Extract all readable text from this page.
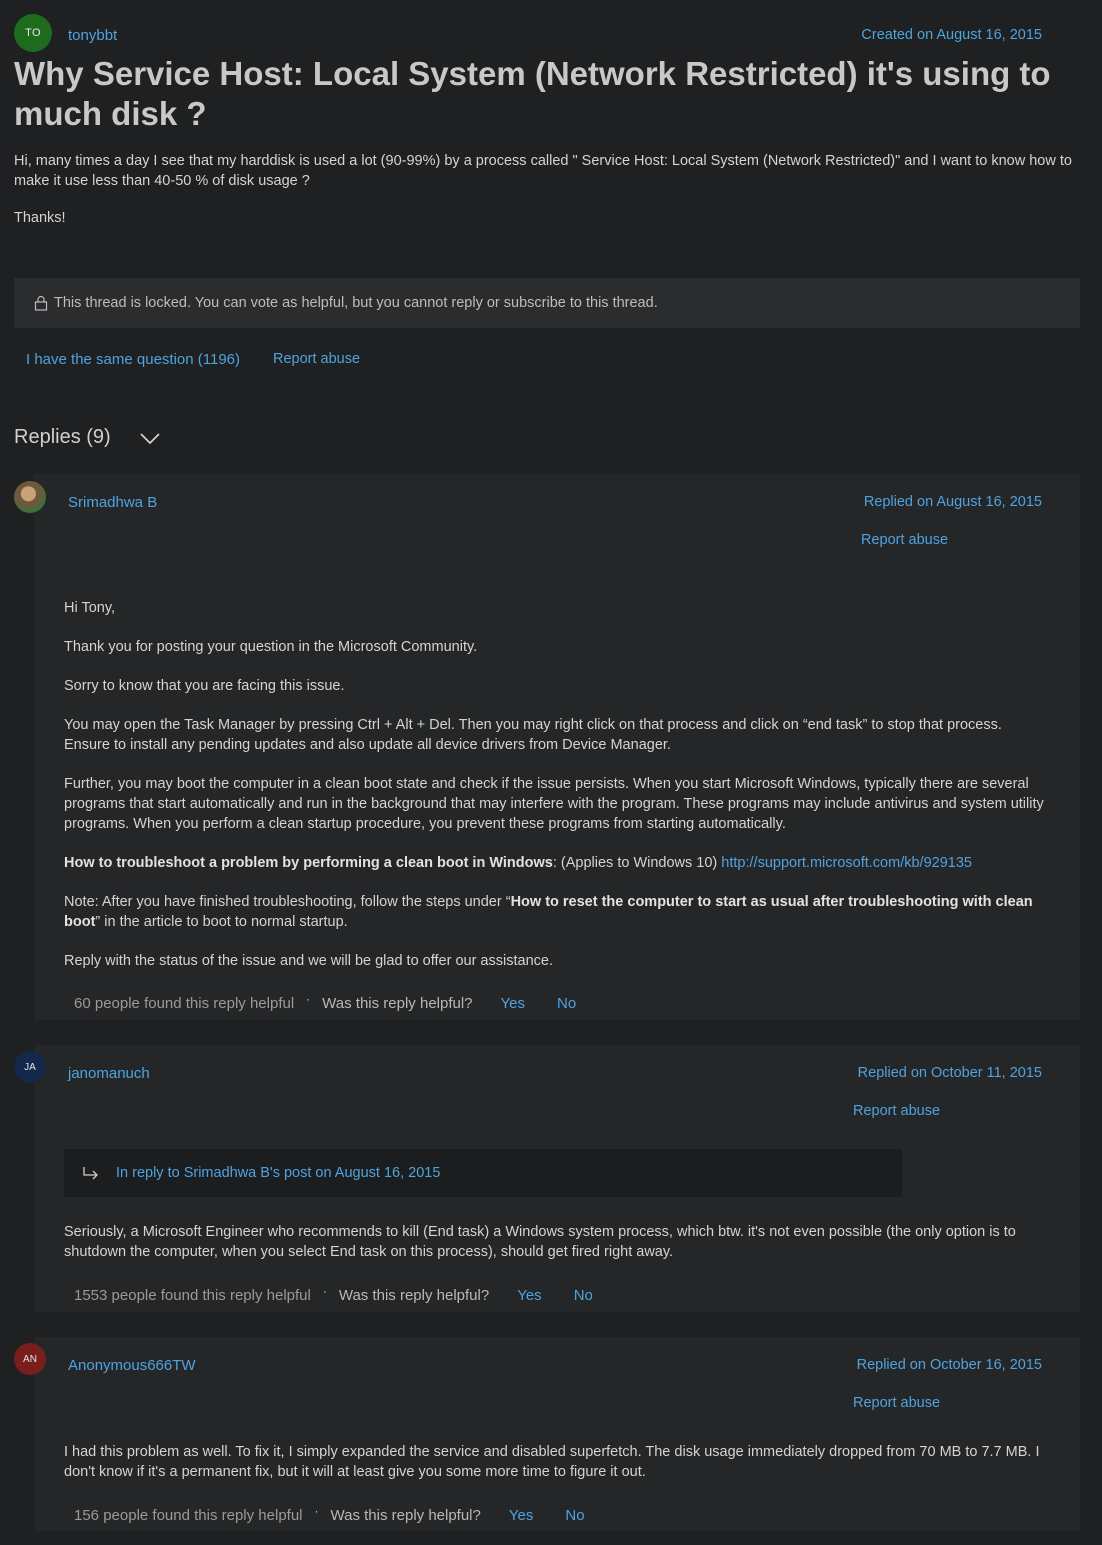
TO	tonybbt	Created on August 16, 2015
Why Service Host: Local System (Network Restricted) it's using to much disk ?
Hi, many times a day I see that my harddisk is used a lot (90-99%) by a process called " Service Host: Local System (Network Restricted)" and I want to know how to make it use less than 40-50 % of disk usage ?
Thanks!
This thread is locked. You can vote as helpful, but you cannot reply or subscribe to this thread.
I have the same question (1196) Report abuse
Replies (9)
Srimadhwa B	Replied on August 16, 2015
Report abuse

Hi Tony,

Thank you for posting your question in the Microsoft Community.

Sorry to know that you are facing this issue.

You may open the Task Manager by pressing Ctrl + Alt + Del. Then you may right click on that process and click on “end task” to stop that process. Ensure to install any pending updates and also update all device drivers from Device Manager.

Further, you may boot the computer in a clean boot state and check if the issue persists. When you start Microsoft Windows, typically there are several programs that start automatically and run in the background that may interfere with the program. These programs may include antivirus and system utility programs. When you perform a clean startup procedure, you prevent these programs from starting automatically.

How to troubleshoot a problem by performing a clean boot in Windows: (Applies to Windows 10) http://support.microsoft.com/kb/929135

Note: After you have finished troubleshooting, follow the steps under “How to reset the computer to start as usual after troubleshooting with clean boot” in the article to boot to normal startup.

Reply with the status of the issue and we will be glad to offer our assistance.

60 people found this reply helpful · Was this reply helpful? Yes No
JA	janomanuch	Replied on October 11, 2015
Report abuse
In reply to Srimadhwa B's post on August 16, 2015
Seriously, a Microsoft Engineer who recommends to kill (End task) a Windows system process, which btw. it's not even possible (the only option is to shutdown the computer, when you select End task on this process), should get fired right away.
1553 people found this reply helpful · Was this reply helpful? Yes No
AN	Anonymous666TW	Replied on October 16, 2015
Report abuse
I had this problem as well. To fix it, I simply expanded the service and disabled superfetch. The disk usage immediately dropped from 70 MB to 7.7 MB. I don't know if it's a permanent fix, but it will at least give you some more time to figure it out.
156 people found this reply helpful · Was this reply helpful? Yes No
